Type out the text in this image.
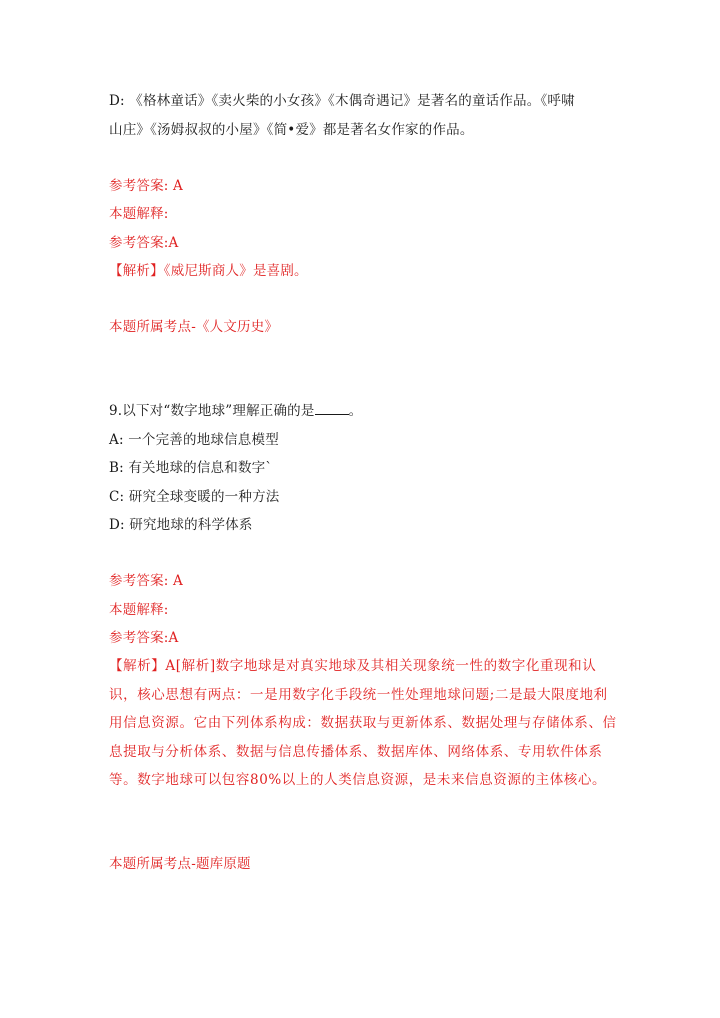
D: 《格林童话》《卖火柴的小女孩》《木偶奇遇记》是著名的童话作品。《呼啸
山庄》《汤姆叔叔的小屋》《简•爱》都是著名女作家的作品。
参考答案: A
本题解释:
参考答案:A
【解析】《威尼斯商人》是喜剧。
本题所属考点-《人文历史》
9.以下对“数字地球”理解正确的是	。
A: 一个完善的地球信息模型
B: 有关地球的信息和数字`
C: 研究全球变暖的一种方法
D: 研究地球的科学体系
参考答案: A
本题解释:
参考答案:A
【解析】A[解析]数字地球是对真实地球及其相关现象统一性的数字化重现和认识，核心思想有两点：一是用数字化手段统一性处理地球问题;二是最大限度地利用信息资源。它由下列体系构成：数据获取与更新体系、数据处理与存储体系、信息提取与分析体系、数据与信息传播体系、数据库体、网络体系、专用软件体系等。数字地球可以包容80%以上的人类信息资源，是未来信息资源的主体核心。
本题所属考点-题库原题
